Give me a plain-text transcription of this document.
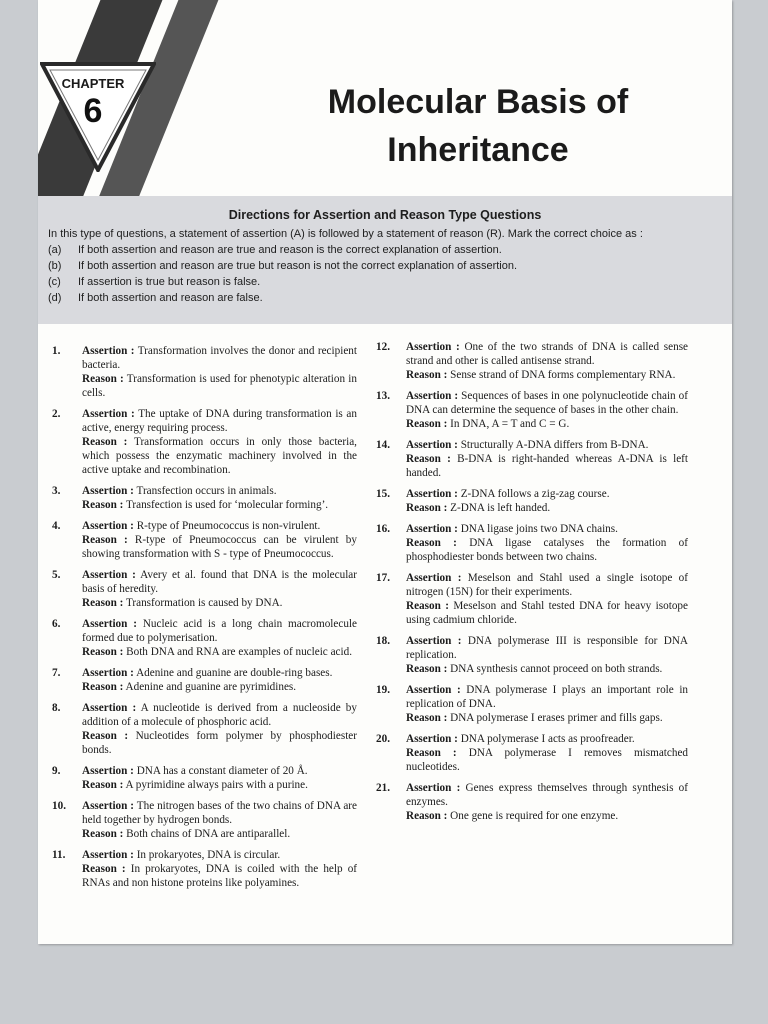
CHAPTER
6	Molecular Basis of Inheritance
Directions for Assertion and Reason Type Questions
In this type of questions, a statement of assertion (A) is followed by a statement of reason (R). Mark the correct choice as :
(a)	If both assertion and reason are true and reason is the correct explanation of assertion.
(b)	If both assertion and reason are true but reason is not the correct explanation of assertion.
(c)	If assertion is true but reason is false.
(d)	If both assertion and reason are false.
1.	Assertion : Transformation involves the donor and recipient bacteria.
Reason : Transformation is used for phenotypic alteration in cells.
2.	Assertion : The uptake of DNA during transformation is an active, energy requiring process.
Reason : Transformation occurs in only those bacteria, which possess the enzymatic machinery involved in the active uptake and recombination.
3.	Assertion : Transfection occurs in animals.
Reason : Transfection is used for ‘molecular forming’.
4.	Assertion : R-type of Pneumococcus is non-virulent.
Reason : R-type of Pneumococcus can be virulent by showing transformation with S - type of Pneumococcus.
5.	Assertion : Avery et al. found that DNA is the molecular basis of heredity.
Reason : Transformation is caused by DNA.
6.	Assertion : Nucleic acid is a long chain macromolecule formed due to polymerisation.
Reason : Both DNA and RNA are examples of nucleic acid.
7.	Assertion : Adenine and guanine are double-ring bases.
Reason : Adenine and guanine are pyrimidines.
8.	Assertion : A nucleotide is derived from a nucleoside by addition of a molecule of phosphoric acid.
Reason : Nucleotides form polymer by phosphodiester bonds.
9.	Assertion : DNA has a constant diameter of 20 Å.
Reason : A pyrimidine always pairs with a purine.
10.	Assertion : The nitrogen bases of the two chains of DNA are held together by hydrogen bonds.
Reason : Both chains of DNA are antiparallel.
11.	Assertion : In prokaryotes, DNA is circular.
Reason : In prokaryotes, DNA is coiled with the help of RNAs and non histone proteins like polyamines.
12.	Assertion : One of the two strands of DNA is called sense strand and other is called antisense strand.
Reason : Sense strand of DNA forms complementary RNA.
13.	Assertion : Sequences of bases in one polynucleotide chain of DNA can determine the sequence of bases in the other chain.
Reason : In DNA, A = T and C = G.
14.	Assertion : Structurally A-DNA differs from B-DNA.
Reason : B-DNA is right-handed whereas A-DNA is left handed.
15.	Assertion : Z-DNA follows a zig-zag course.
Reason : Z-DNA is left handed.
16.	Assertion : DNA ligase joins two DNA chains.
Reason : DNA ligase catalyses the formation of phosphodiester bonds between two chains.
17.	Assertion : Meselson and Stahl used a single isotope of nitrogen (15N) for their experiments.
Reason : Meselson and Stahl tested DNA for heavy isotope using cadmium chloride.
18.	Assertion : DNA polymerase III is responsible for DNA replication.
Reason : DNA synthesis cannot proceed on both strands.
19.	Assertion : DNA polymerase I plays an important role in replication of DNA.
Reason : DNA polymerase I erases primer and fills gaps.
20.	Assertion : DNA polymerase I acts as proofreader.
Reason : DNA polymerase I removes mismatched nucleotides.
21.	Assertion : Genes express themselves through synthesis of enzymes.
Reason : One gene is required for one enzyme.
